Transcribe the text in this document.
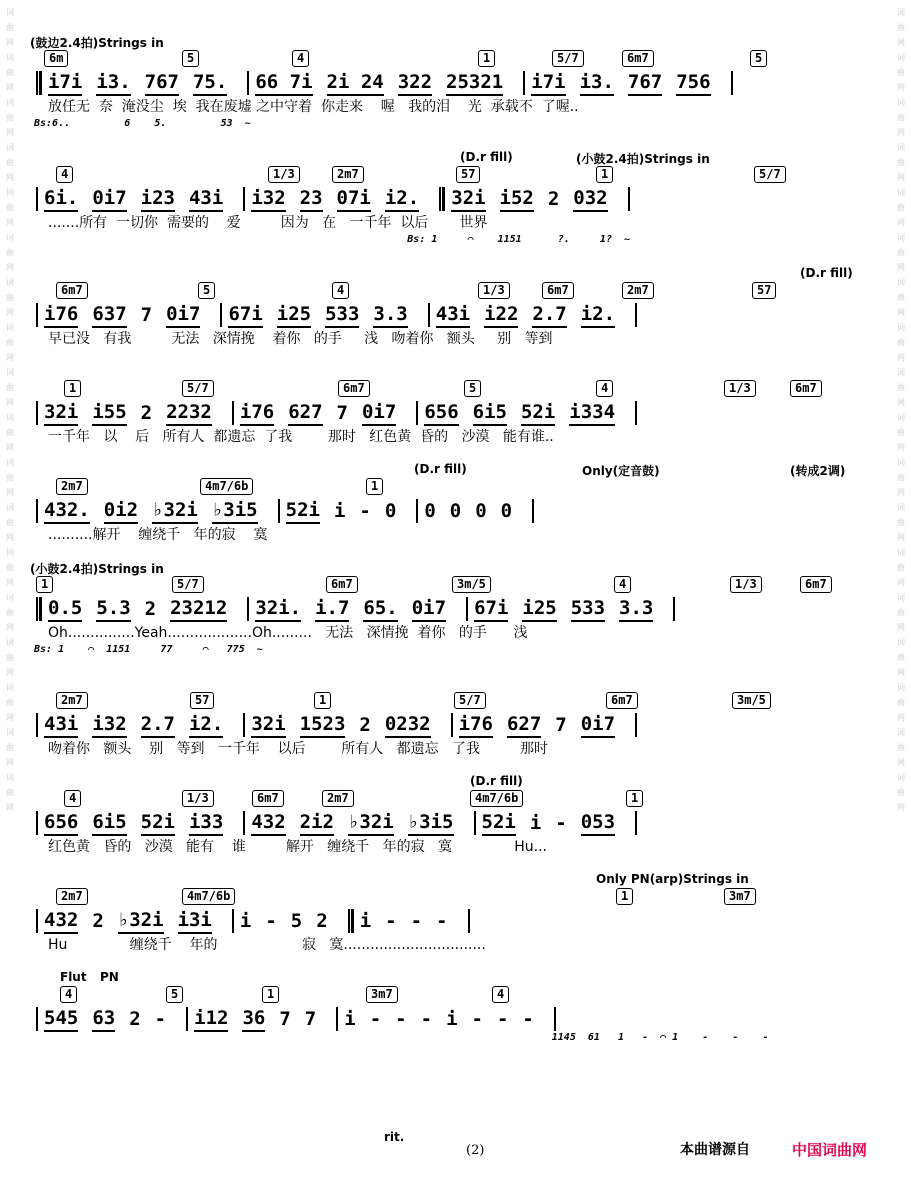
词
曲
网
词
曲
网
词
曲
网
词
曲
网
词
曲
网
词
曲
网
词
曲
网
词
曲
网
词
曲
网
词
曲
网
词
曲
网
词
曲
网
词
曲
网
词
曲
网
词
曲
网
词
曲
网
词
曲
网
词
曲
网
词
曲
网
词
曲
网
词
曲
网
词
曲
网
词
曲
网
词
曲
网
词
曲
网
词
曲
网
词
曲
网
词
曲
网
词
曲
网
词
曲
网
词
曲
网
词
曲
网
词
曲
网
词
曲
网
词
曲
网
词
曲
网
(鼓边2.4拍)Strings in
6m	5	4	1	5/7	6m7	5
i7i i3. 767 75. 66 7i 2i 24 322 25321 i7i i3. 767 756
放任无  奈  淹没尘  埃  我在废墟 之中守着  你走来    喔   我的泪    光  承载不  了喔..
Bs:6..         6    5.         53  ~
(D.r fill)	(小鼓2.4拍)Strings in
4	1/3	2m7	57	1	5/7
6i. 0i7 i23 43i i32 23 07i i2. 32i i52 2 032
.......所有  一切你  需要的    爱         因为   在   一千年  以后       世界
Bs: 1     ⌒    1151      ?.     1?  ~
(D.r fill)
6m7	5	4	1/3	6m7	2m7	57
i76 637 7 0i7 67i i25 533 3.3 43i i22 2.7 i2.
早已没   有我         无法   深情挽    着你   的手     浅   吻着你   额头     别   等到
1	5/7	6m7	5	4	1/3	6m7
32i i55 2 2232 i76 627 7 0i7 656 6i5 52i i334
一千年   以    后   所有人  都遗忘  了我        那时   红色黄  昏的   沙漠   能有谁..
(D.r fill)	Only(定音鼓)	(转成2调)
2m7	4m7/6b	1
432. 0i2 ♭32i ♭3i5 52i i - 0 0 0 0 0
..........解开    缠绕千   年的寂    寞
(小鼓2.4拍)Strings in
1	5/7	6m7	3m/5	4	1/3	6m7
0.5 5.3 2 23212 32i. i.7 65. 0i7 67i i25 533 3.3
Oh...............Yeah...................Oh.........   无法   深情挽  着你   的手      浅
Bs: 1    ⌒  1151     77     ⌒   775  ~
2m7	57	1	5/7	6m7	3m/5
43i i32 2.7 i2. 32i 1523 2 0232 i76 627 7 0i7
吻着你   额头    别   等到   一千年    以后        所有人   都遗忘   了我         那时
(D.r fill)
4	1/3	6m7	2m7	4m7/6b	1
656 6i5 52i i33 432 2i2 ♭32i ♭3i5 52i i - 053
红色黄   昏的   沙漠   能有    谁         解开   缠绕千   年的寂   寞              Hu...
Only PN(arp)Strings in
2m7	4m7/6b	1	3m7
432 2 ♭32i i3i i - 5 2 i - - -
Hu              缠绕千    年的                   寂   寞................................
Flut PN
4	5	1	3m7	4
545 63 2 - i12 36 7 7 i - - - i - - -
1145  61   1   -  ⌒ 1    -    -    -
rit.
(2)	本曲谱源自	中国词曲网
